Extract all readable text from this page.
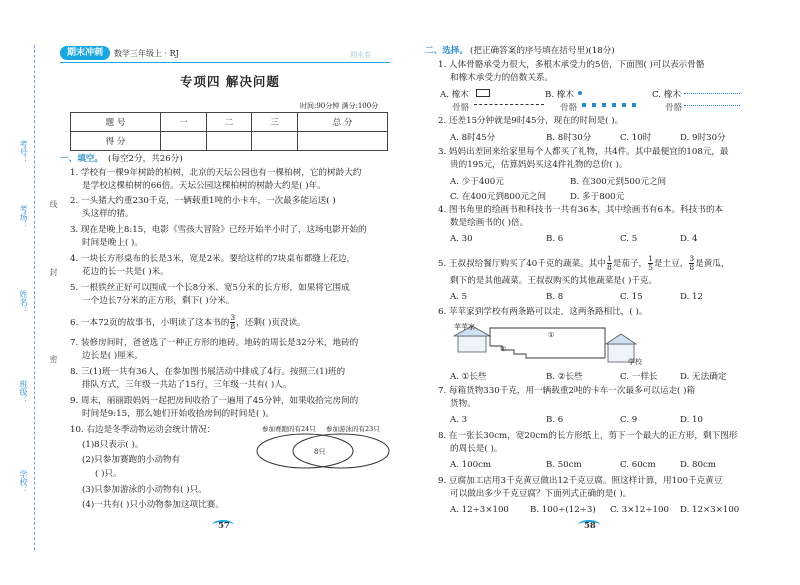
考号：
考场：
姓名：
班级：
学校：
线
封
密
期末冲刺	数学三年级上 · RJ	期末卷
专项四 解决问题
时间:90分钟 满分:100分
题 号	一	二	三	总 分
得 分				
一、填空。 (每空2分，共26分)
1. 学校有一棵9年树龄的柏树，北京的天坛公园也有一棵柏树，它的树龄大约
是学校这棵柏树的66倍。天坛公园这棵柏树的树龄大约是( )年。
2. 一头猪大约重230千克，一辆载重1吨的小卡车，一次最多能运送( )
头这样的猪。
3. 现在是晚上8:15，电影《雪孩大冒险》已经开始半小时了，这场电影开始的
时间是晚上( )。
4. 一块长方形桌布的长是3米，宽是2米。要给这样的7块桌布都缝上花边，
花边的长一共是( )米。
5. 一根铁丝正好可以围成一个长8分米、宽5分米的长方形，如果将它围成
一个边长7分米的正方形，剩下( )分米。
6. 一本72页的故事书，小明读了这本书的 $\frac{3}{8}$ ，还剩( )页没读。
7. 装修房间时，爸爸选了一种正方形的地砖。地砖的周长是32分米，地砖的
边长是( )厘米。
8. 三(1)班一共有36人，在参加图书展活动中排成了4行。按照三(1)班的
排队方式，三年级一共站了15行，三年级一共有( )人。
9. 周末，丽丽跟妈妈一起把房间收拾了一遍用了45分钟，如果收拾完房间的
时间是9:15，那么她们开始收拾房间的时间是( )。
10. 右边是冬季动物运动会统计情况：
(1)8只表示( )。
(2)只参加赛跑的小动物有
( )只。
(3)只参加游泳的小动物有( )只。
(4)一共有( )只小动物参加这项比赛。
参加赛跑的有24只 参加游泳的有23只
8只
57	58
二、选择。 (把正确答案的序号填在括号里)(18分)
1. 人体骨骼承受力很大，多根木承受力的5倍，下面图( )可以表示骨骼
和橡木承受力的倍数关系。
A. 橡木
骨骼
B. 橡木
骨骼
C. 橡木
骨骼
2. 还差15分钟就是9时45分，现在的时间是( )。
A. 8时45分	B. 8时30分	C. 10时	D. 9时30分
3. 妈妈出差回来给家里每个人都买了礼物，共4件。其中最便宜的108元，最
贵的195元，估算妈妈买这4件礼物的总价( )。
A. 少于400元	B. 在300元到500元之间
C. 在400元到800元之间	D. 多于800元
4. 图书角里的绘画书和科技书一共有36本，其中绘画书有6本。科技书的本
数是绘画书的( )倍。
A. 30	B. 6	C. 5	D. 4
5. 王叔叔给餐厅购买了40千克的蔬菜。其中 $\frac{1}{8}$ 是茄子， $\frac{1}{5}$ 是土豆， $\frac{3}{8}$ 是黄瓜，
剩下的是其他蔬菜。王叔叔购买的其他蔬菜是( )千克。
A. 5	B. 8	C. 15	D. 12
6. 苹苹家到学校有两条路可以走，这两条路相比，( )。
苹苹家
学校
①
②
A. ①长些	B. ②长些	C. 一样长	D. 无法确定
7. 每箱货物330千克，用一辆载重2吨的卡车一次最多可以运走( )箱
货物。
A. 3	B. 6	C. 9	D. 10
8. 在一张长30cm，宽20cm的长方形纸上，剪下一个最大的正方形，剩下图形
的周长是( )。
A. 100cm	B. 50cm	C. 60cm	D. 80cm
9. 豆腐加工店用3千克黄豆做出12千克豆腐。照这样计算，用100千克黄豆
可以做出多少千克豆腐？下面列式正确的是( )。
A. 12÷3×100 B. 100÷(12÷3) C. 3×12÷100 D. 12×3×100
